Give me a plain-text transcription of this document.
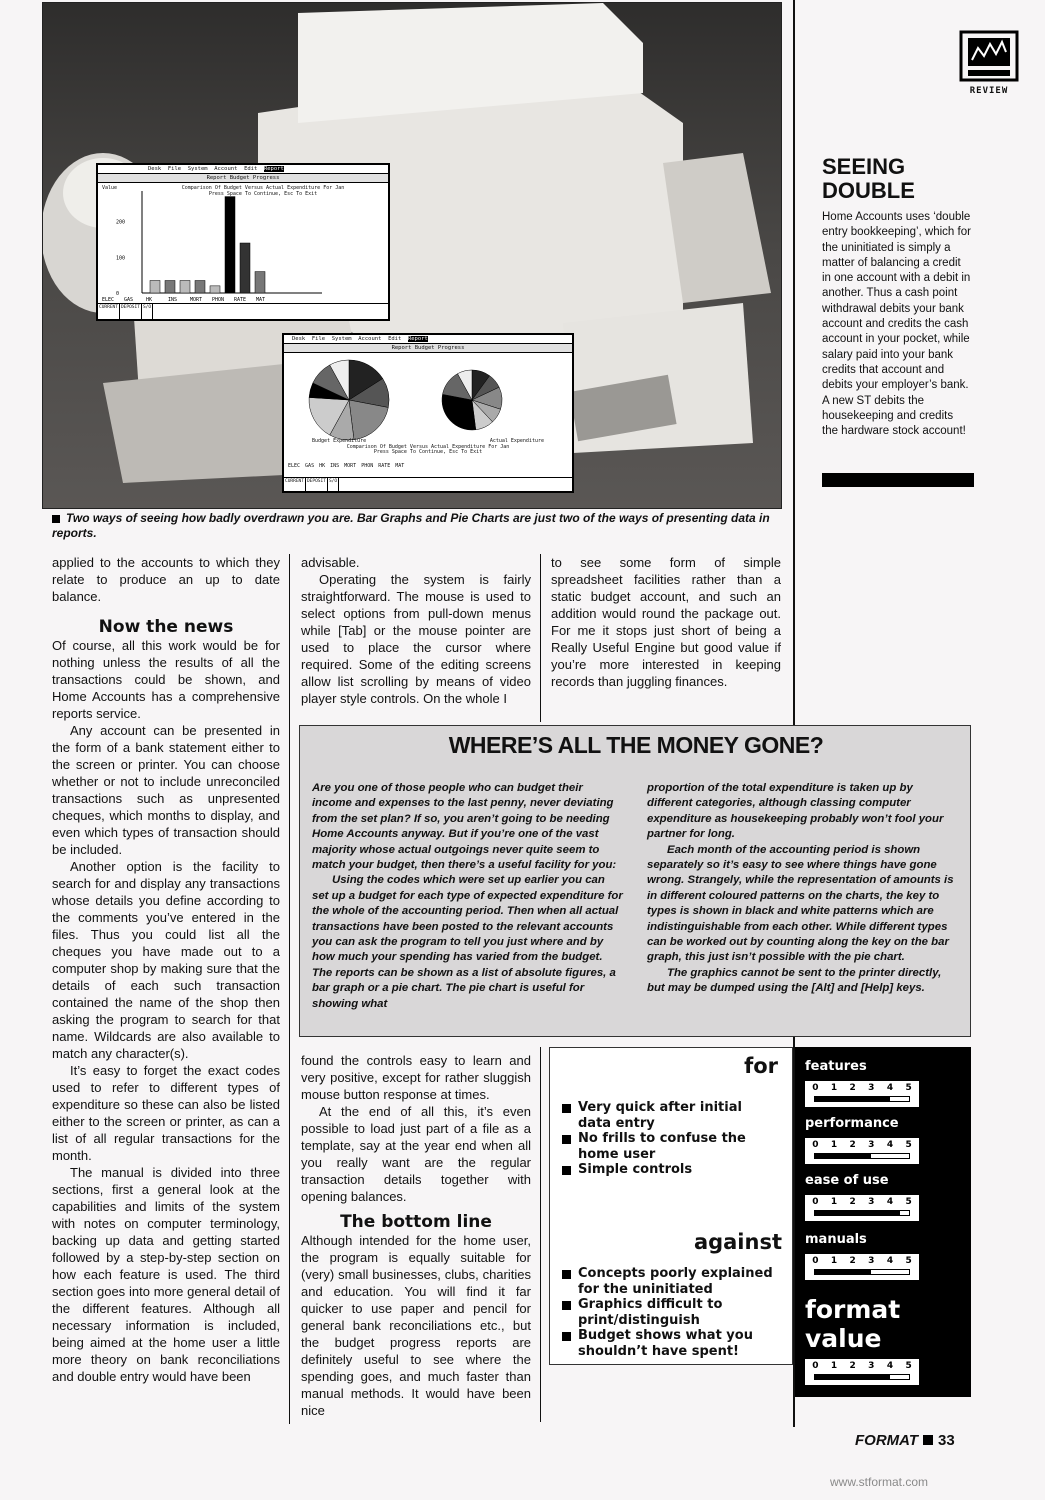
Desk File System Account Edit Report
Report Budget Progress
Value	Comparison Of Budget Versus Actual Expenditure For Jan
Press Space To Continue, Esc To Exit
200
100
0
ELEC GAS	HK	INS	MORT PHON RATE MAT
CURRENT DEPOSIT S/O
Desk File System Account Edit Report
Report Budget Progress
Budget Expenditure	Actual Expenditure
Comparison Of Budget Versus Actual Expenditure For Jan
Press Space To Continue, Esc To Exit
ELEC GAS HK INS MORT PHON RATE MAT
CURRENT DEPOSIT S/O
REVIEW
SEEING
DOUBLE
Home Accounts uses ‘double entry bookkeeping’, which for the uninitiated is simply a matter of balancing a credit in one account with a debit in another. Thus a cash point withdrawal debits your bank account and credits the cash account in your pocket, while salary paid into your bank credits that account and debits your employer’s bank. A new ST debits the housekeeping and credits the hardware stock account!
Two ways of seeing how badly overdrawn you are. Bar Graphs and Pie Charts are just two of the ways of presenting data in reports.

applied to the accounts to which they relate to produce an up to date balance.

Now the news

Of course, all this work would be for nothing unless the results of all the transactions could be shown, and Home Accounts has a comprehensive reports service.

Any account can be presented in the form of a bank statement either to the screen or printer. You can choose whether or not to include unreconciled transactions such as unpresented cheques, which months to display, and even which types of transaction should be included.

Another option is the facility to search for and display any transactions whose details you define according to the comments you’ve entered in the files. Thus you could list all the cheques you have made out to a computer shop by making sure that the details of each such transaction contained the name of the shop then asking the program to search for that name. Wildcards are also available to match any character(s).

It’s easy to forget the exact codes used to refer to different types of expenditure so these can also be listed either to the screen or printer, as can a list of all regular transactions for the month.

The manual is divided into three sections, first a general look at the capabilities and limits of the system with notes on computer terminology, backing up data and getting started followed by a step-by-step section on how each feature is used. The third section goes into more general detail of the different features. Although all necessary information is included, being aimed at the home user a little more theory on bank reconciliations and double entry would have been

advisable.

Operating the system is fairly straightforward. The mouse is used to select options from pull-down menus while [Tab] or the mouse pointer are used to place the cursor where required. Some of the editing screens allow list scrolling by means of video player style controls. On the whole I

to see some form of simple spreadsheet facilities rather than a static budget account, and such an addition would round the package out. For me it stops just short of being a Really Useful Engine but good value if you’re more interested in keeping records than juggling finances.

WHERE’S ALL THE MONEY GONE?

Are you one of those people who can budget their income and expenses to the last penny, never deviating from the set plan? If so, you aren’t going to be needing Home Accounts anyway. But if you’re one of the vast majority whose actual outgoings never quite seem to match your budget, then there’s a useful facility for you:

Using the codes which were set up earlier you can set up a budget for each type of expected expenditure for the whole of the accounting period. Then when all actual transactions have been posted to the relevant accounts you can ask the program to tell you just where and by how much your spending has varied from the budget. The reports can be shown as a list of absolute figures, a bar graph or a pie chart. The pie chart is useful for showing what

proportion of the total expenditure is taken up by different categories, although classing computer expenditure as housekeeping probably won’t fool your partner for long.

Each month of the accounting period is shown separately so it’s easy to see where things have gone wrong. Strangely, while the representation of amounts is in different coloured patterns on the charts, the key to types is shown in black and white patterns which are indistinguishable from each other. While different types can be worked out by counting along the key on the bar graph, this just isn’t possible with the pie chart.

The graphics cannot be sent to the printer directly, but may be dumped using the [Alt] and [Help] keys.

found the controls easy to learn and very positive, except for rather sluggish mouse button response at times.

At the end of all this, it’s even possible to load just part of a file as a template, say at the year end when all you really want are the regular transaction details together with opening balances.

The bottom line

Although intended for the home user, the program is equally suitable for (very) small businesses, clubs, charities and education. You will find it far quicker to use paper and pencil for general bank reconciliations etc., but the budget progress reports are definitely useful to see where the spending goes, and much faster than manual methods. It would have been nice

for
Very quick after initial data entry
No frills to confuse the home user
Simple controls
against
Concepts poorly explained for the uninitiated
Graphics difficult to print/distinguish
Budget shows what you shouldn’t have spent!
features
0 1 2 3 4 5
performance
0 1 2 3 4 5
ease of use
0 1 2 3 4 5
manuals
0 1 2 3 4 5
format
value
0 1 2 3 4 5
FORMAT 33
www.stformat.com
